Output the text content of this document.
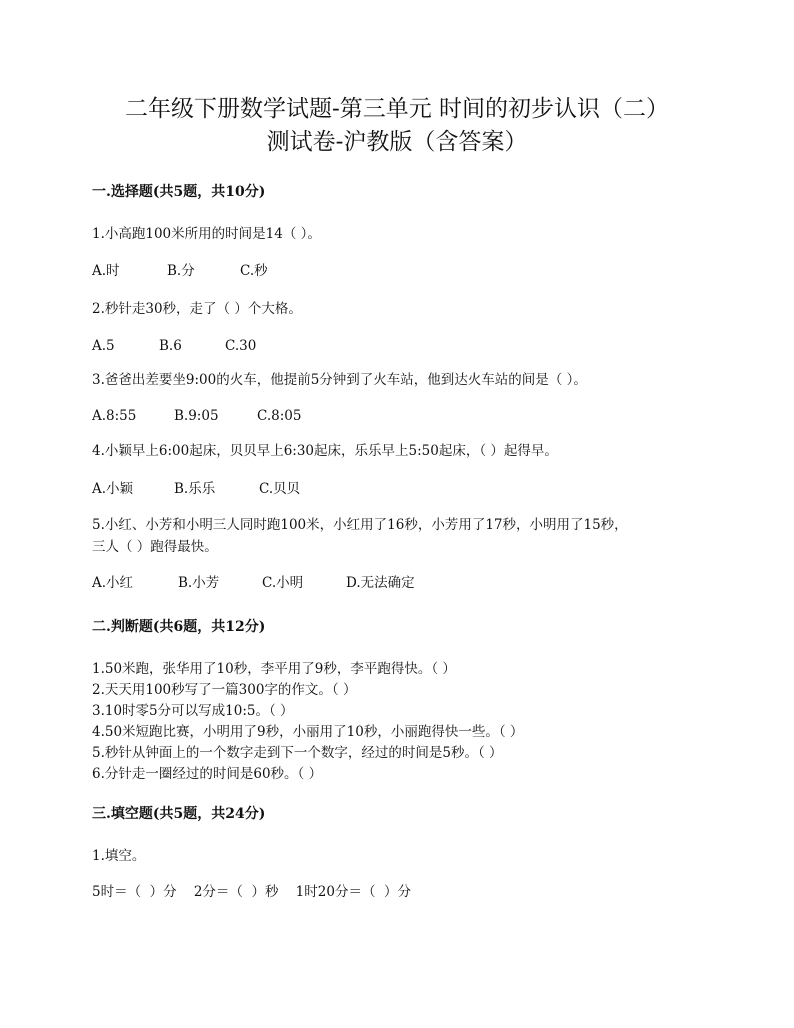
二年级下册数学试题-第三单元 时间的初步认识（二）
测试卷-沪教版（含答案）
一.选择题(共5题，共10分)
1.小高跑100米所用的时间是14（ ）。
A.时	B.分	C.秒
2.秒针走30秒，走了（ ）个大格。
A.5	B.6	C.30
3.爸爸出差要坐9:00的火车，他提前5分钟到了火车站，他到达火车站的间是（ ）。
A.8:55	B.9:05	C.8:05
4.小颖早上6:00起床，贝贝早上6:30起床，乐乐早上5:50起床，（ ）起得早。
A.小颖	B.乐乐	C.贝贝
5.小红、小芳和小明三人同时跑100米，小红用了16秒，小芳用了17秒，小明用了15秒，
三人（ ）跑得最快。
A.小红	B.小芳	C.小明	D.无法确定
二.判断题(共6题，共12分)
1.50米跑，张华用了10秒，李平用了9秒，李平跑得快。（ ）
2.天天用100秒写了一篇300字的作文。（ ）
3.10时零5分可以写成10:5。（ ）
4.50米短跑比赛，小明用了9秒，小丽用了10秒，小丽跑得快一些。（ ）
5.秒针从钟面上的一个数字走到下一个数字，经过的时间是5秒。（ ）
6.分针走一圈经过的时间是60秒。（ ）
三.填空题(共5题，共24分)
1.填空。
5时＝（  ）分    2分＝（  ）秒    1时20分＝（  ）分
